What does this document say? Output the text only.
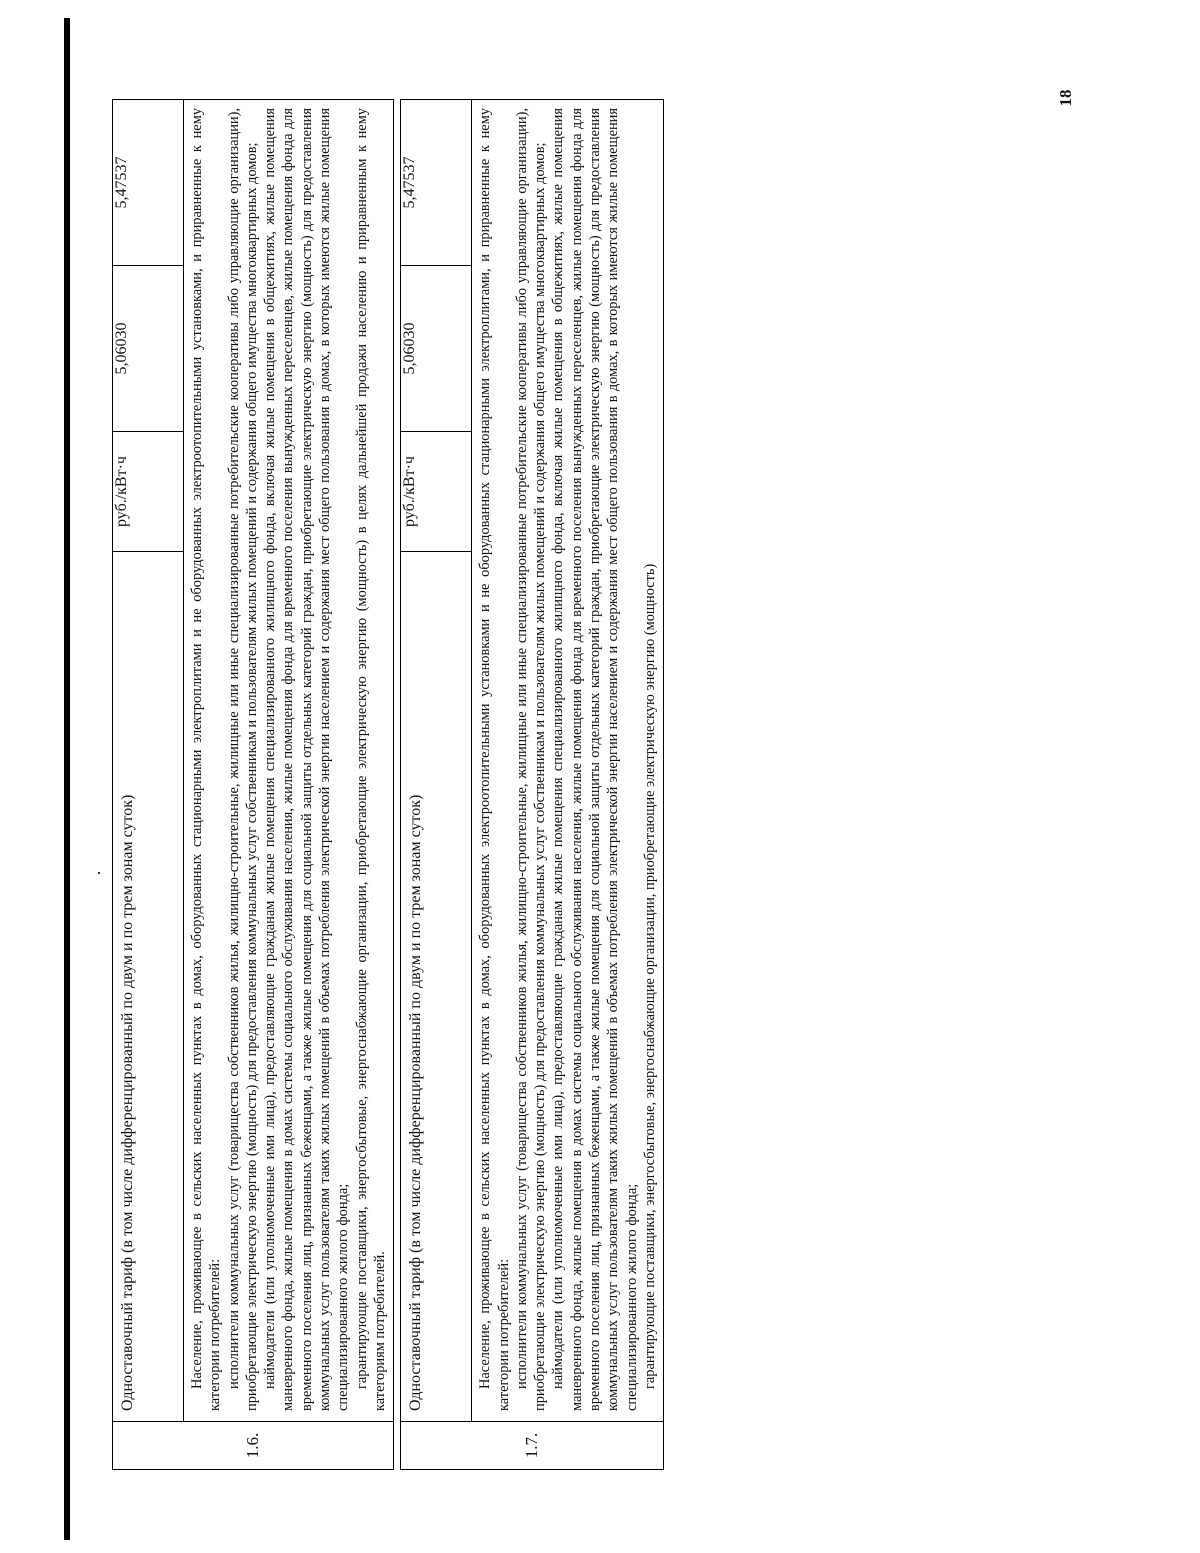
18
1.6.	Одноставочный тариф (в том числе дифференцированный по двум и по трем зонам суток)	руб./кВт·ч	5,06030	5,47537

	Население, проживающее в сельских населенных пунктах в домах, оборудованных стационарными электроплитами и не оборудованных электроотопительными установками, и приравненные к нему категории потребителей: исполнители коммунальных услуг (товарищества собственников жилья, жилищно-строительные, жилищные или иные специализированные потребительские кооперативы либо управляющие организации), приобретающие электрическую энергию (мощность) для предоставления коммунальных услуг собственникам и пользователям жилых помещений и содержания общего имущества многоквартирных домов; наймодатели (или уполномоченные ими лица), предоставляющие гражданам жилые помещения специализированного жилищного фонда, включая жилые помещения в общежитиях, жилые помещения маневренного фонда, жилые помещения в домах системы социального обслуживания населения, жилые помещения фонда для временного поселения вынужденных переселенцев, жилые помещения фонда для временного поселения лиц, признанных беженцами, а также жилые помещения для социальной защиты отдельных категорий граждан, приобретающие электрическую энергию (мощность) для предоставления коммунальных услуг пользователям таких жилых помещений в объемах потребления электрической энергии населением и содержания мест общего пользования в домах, в которых имеются жилые помещения специализированного жилого фонда; гарантирующие поставщики, энергосбытовые, энергоснабжающие организации, приобретающие электрическую энергию (мощность) в целях дальнейшей продажи населению и приравненным к нему категориям потребителей.			

1.7.	Одноставочный тариф (в том числе дифференцированный по двум и по трем зонам суток)	руб./кВт·ч	5,06030	5,47537

	Население, проживающее в сельских населенных пунктах в домах, оборудованных электроотопительными установками и не оборудованных стационарными электроплитами, и приравненные к нему категории потребителей: исполнители коммунальных услуг (товарищества собственников жилья, жилищно-строительные, жилищные или иные специализированные потребительские кооперативы либо управляющие организации), приобретающие электрическую энергию (мощность) для предоставления коммунальных услуг собственникам и пользователям жилых помещений и содержания общего имущества многоквартирных домов; наймодатели (или уполномоченные ими лица), предоставляющие гражданам жилые помещения специализированного жилищного фонда, включая жилые помещения в общежитиях, жилые помещения маневренного фонда, жилые помещения в домах системы социального обслуживания населения, жилые помещения фонда для временного поселения вынужденных переселенцев, жилые помещения фонда для временного поселения лиц, признанных беженцами, а также жилые помещения для социальной защиты отдельных категорий граждан, приобретающие электрическую энергию (мощность) для предоставления коммунальных услуг пользователям таких жилых помещений в объемах потребления электрической энергии населением и содержания мест общего пользования в домах, в которых имеются жилые помещения специализированного жилого фонда; гарантирующие поставщики, энергосбытовые, энергоснабжающие организации, приобретающие электрическую энергию (мощность)			
